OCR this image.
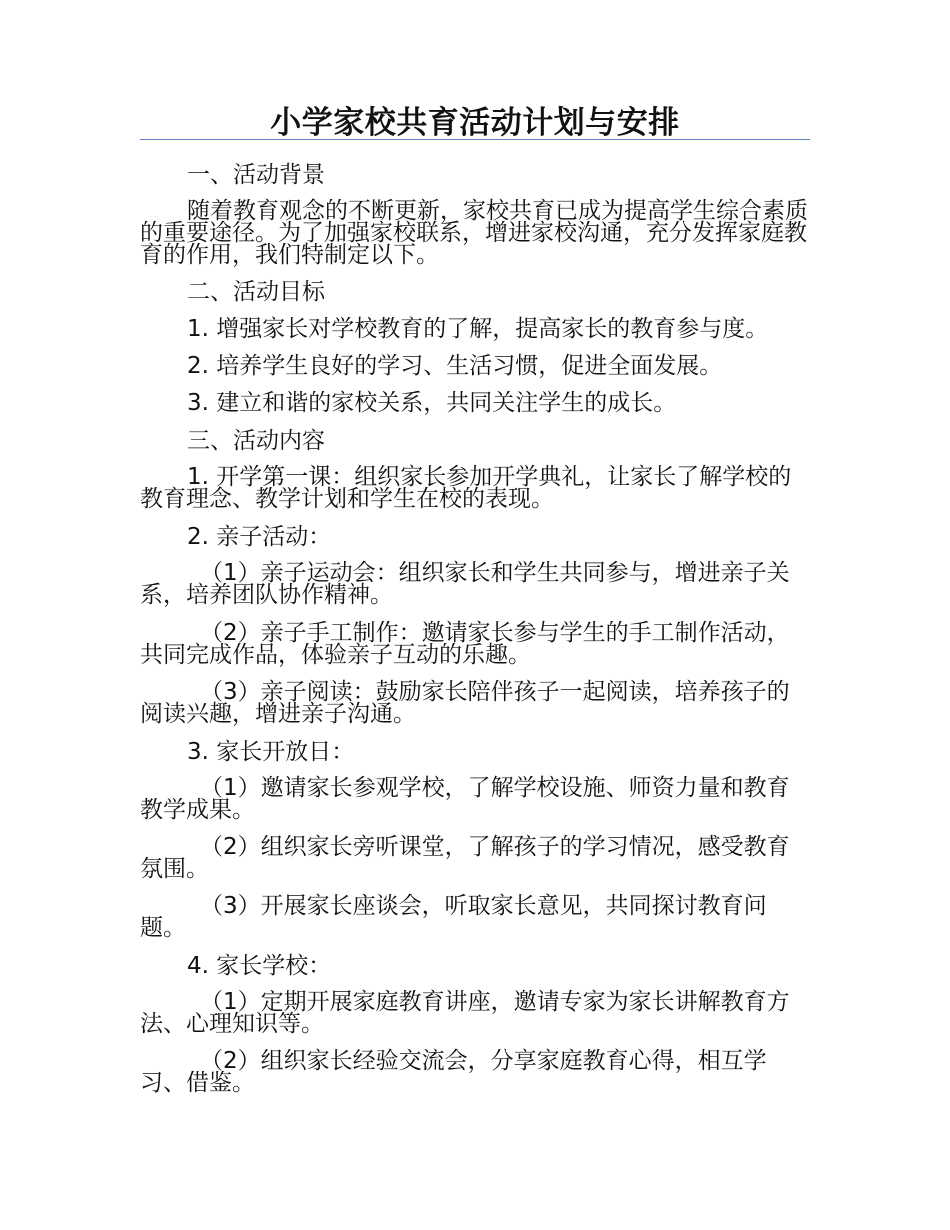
小学家校共育活动计划与安排
一、活动背景

随着教育观念的不断更新，家校共育已成为提高学生综合素质的重要途径。为了加强家校联系，增进家校沟通，充分发挥家庭教育的作用，我们特制定以下。

二、活动目标
1. 增强家长对学校教育的了解，提高家长的教育参与度。
2. 培养学生良好的学习、生活习惯，促进全面发展。
3. 建立和谐的家校关系，共同关注学生的成长。
三、活动内容

1. 开学第一课：组织家长参加开学典礼，让家长了解学校的教育理念、教学计划和学生在校的表现。

2. 亲子活动：

（1）亲子运动会：组织家长和学生共同参与，增进亲子关系，培养团队协作精神。

（2）亲子手工制作：邀请家长参与学生的手工制作活动，共同完成作品，体验亲子互动的乐趣。

（3）亲子阅读：鼓励家长陪伴孩子一起阅读，培养孩子的阅读兴趣，增进亲子沟通。

3. 家长开放日：

（1）邀请家长参观学校，了解学校设施、师资力量和教育教学成果。

（2）组织家长旁听课堂，了解孩子的学习情况，感受教育氛围。

（3）开展家长座谈会，听取家长意见，共同探讨教育问题。

4. 家长学校：

（1）定期开展家庭教育讲座，邀请专家为家长讲解教育方法、心理知识等。

（2）组织家长经验交流会，分享家庭教育心得，相互学习、借鉴。
